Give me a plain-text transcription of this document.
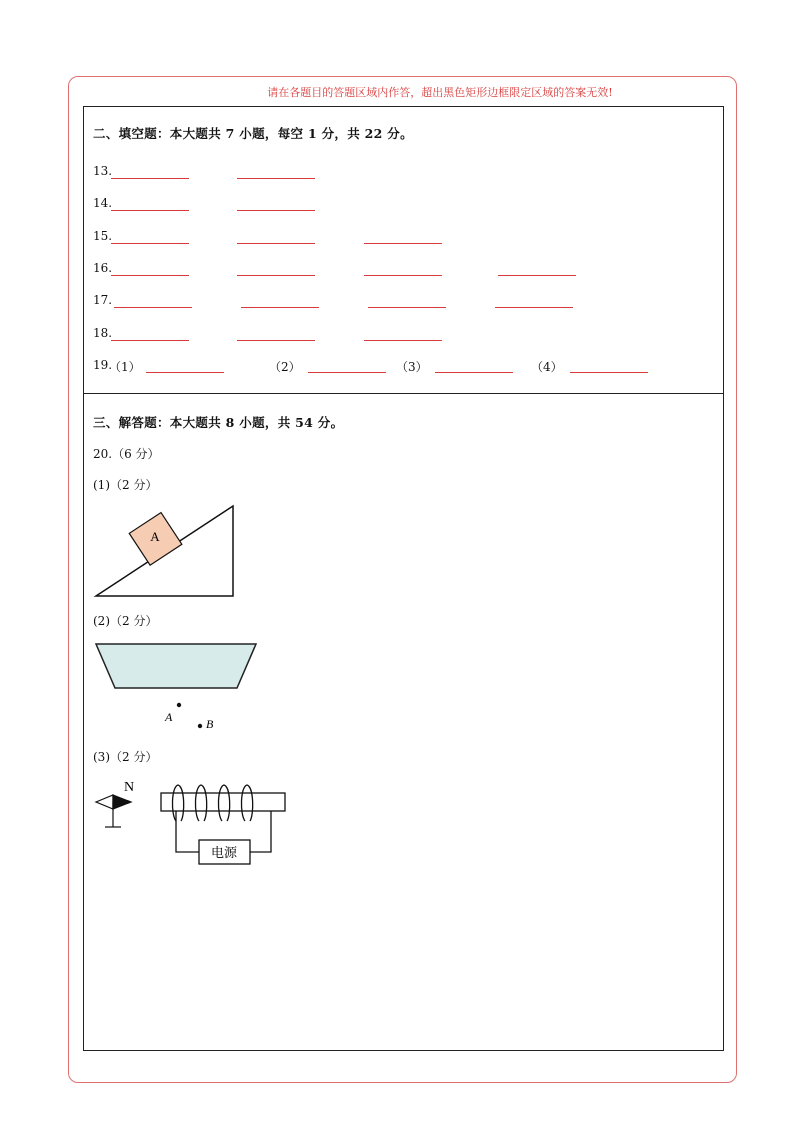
请在各题目的答题区域内作答，超出黑色矩形边框限定区域的答案无效!
二、填空题：本大题共 7 小题，每空 1 分，共 22 分。
13.
14.
15.
16.
17.
18.
19.
（1）	（2）	（3）	（4）
三、解答题：本大题共 8 小题，共 54 分。
20.（6 分）
(1)（2 分）
A
(2)（2 分）
A	B
(3)（2 分）
N
电源
